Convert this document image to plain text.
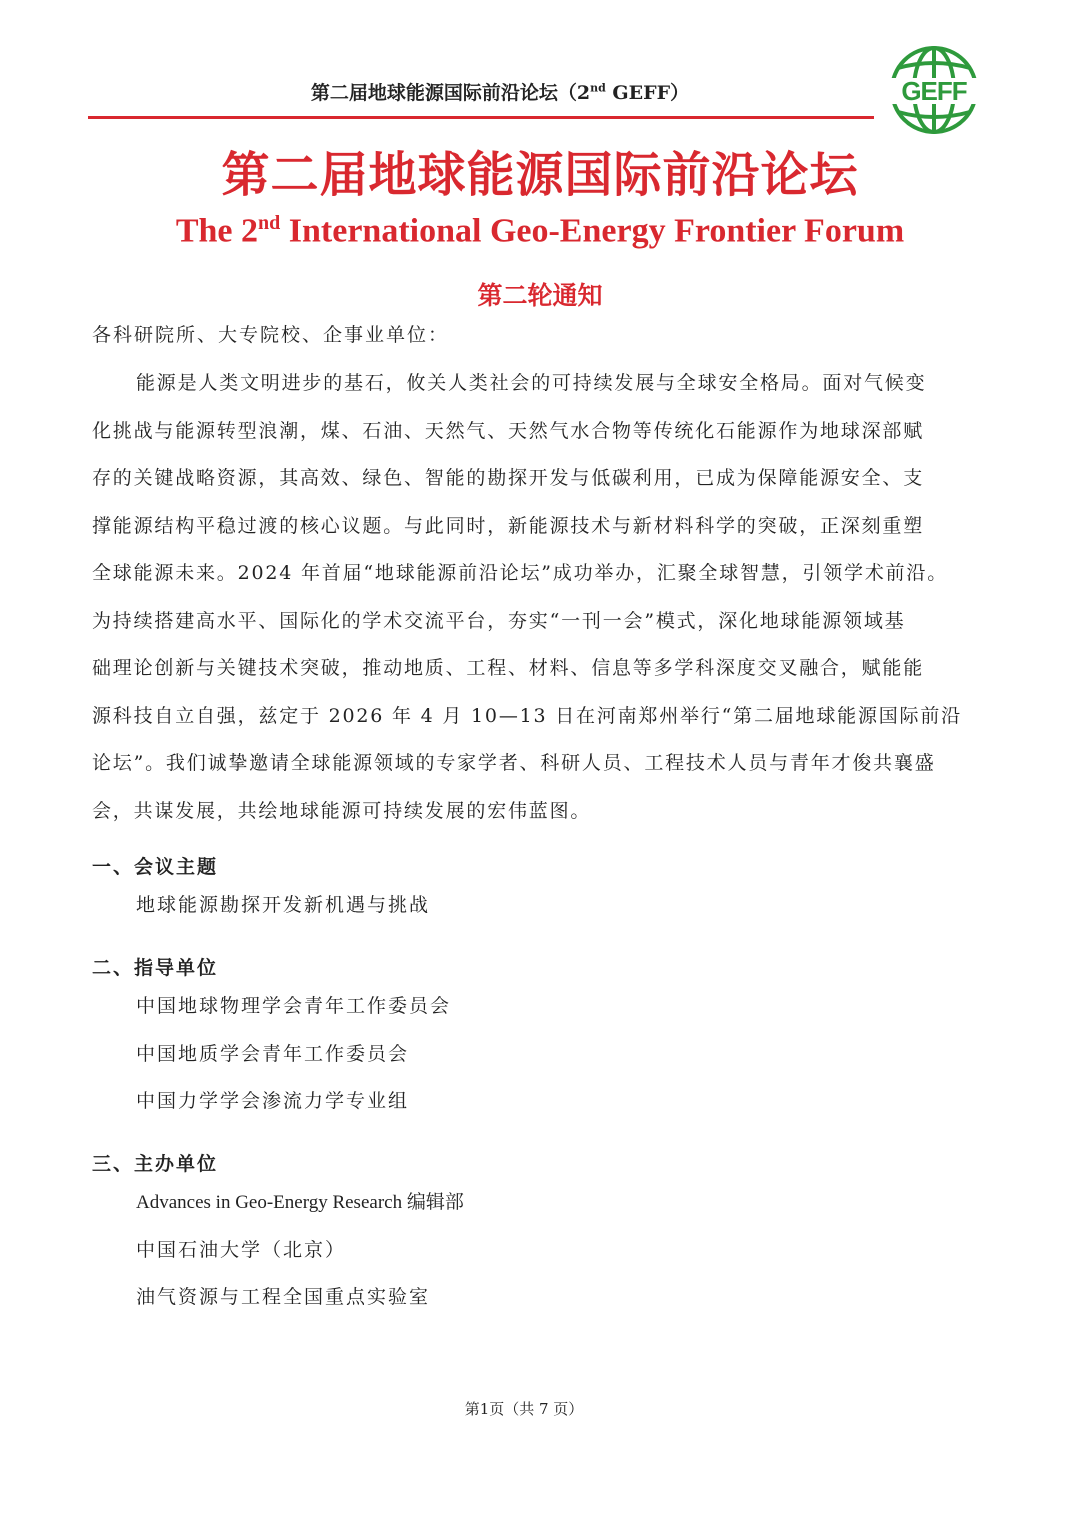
第二届地球能源国际前沿论坛（2nd GEFF）	GEFF
第二届地球能源国际前沿论坛
The 2nd International Geo-Energy Frontier Forum
第二轮通知
各科研院所、大专院校、企事业单位：
能源是人类文明进步的基石，攸关人类社会的可持续发展与全球安全格局。面对气候变
化挑战与能源转型浪潮，煤、石油、天然气、天然气水合物等传统化石能源作为地球深部赋
存的关键战略资源，其高效、绿色、智能的勘探开发与低碳利用，已成为保障能源安全、支
撑能源结构平稳过渡的核心议题。与此同时，新能源技术与新材料科学的突破，正深刻重塑
全球能源未来。2024 年首届“地球能源前沿论坛”成功举办，汇聚全球智慧，引领学术前沿。
为持续搭建高水平、国际化的学术交流平台，夯实“一刊一会”模式，深化地球能源领域基
础理论创新与关键技术突破，推动地质、工程、材料、信息等多学科深度交叉融合，赋能能
源科技自立自强，兹定于 2026 年 4 月 10—13 日在河南郑州举行“第二届地球能源国际前沿
论坛”。我们诚挚邀请全球能源领域的专家学者、科研人员、工程技术人员与青年才俊共襄盛
会，共谋发展，共绘地球能源可持续发展的宏伟蓝图。
一、会议主题
地球能源勘探开发新机遇与挑战
二、指导单位
中国地球物理学会青年工作委员会
中国地质学会青年工作委员会
中国力学学会渗流力学专业组
三、主办单位
Advances in Geo-Energy Research 编辑部
中国石油大学（北京）
油气资源与工程全国重点实验室
第1页（共 7 页）
